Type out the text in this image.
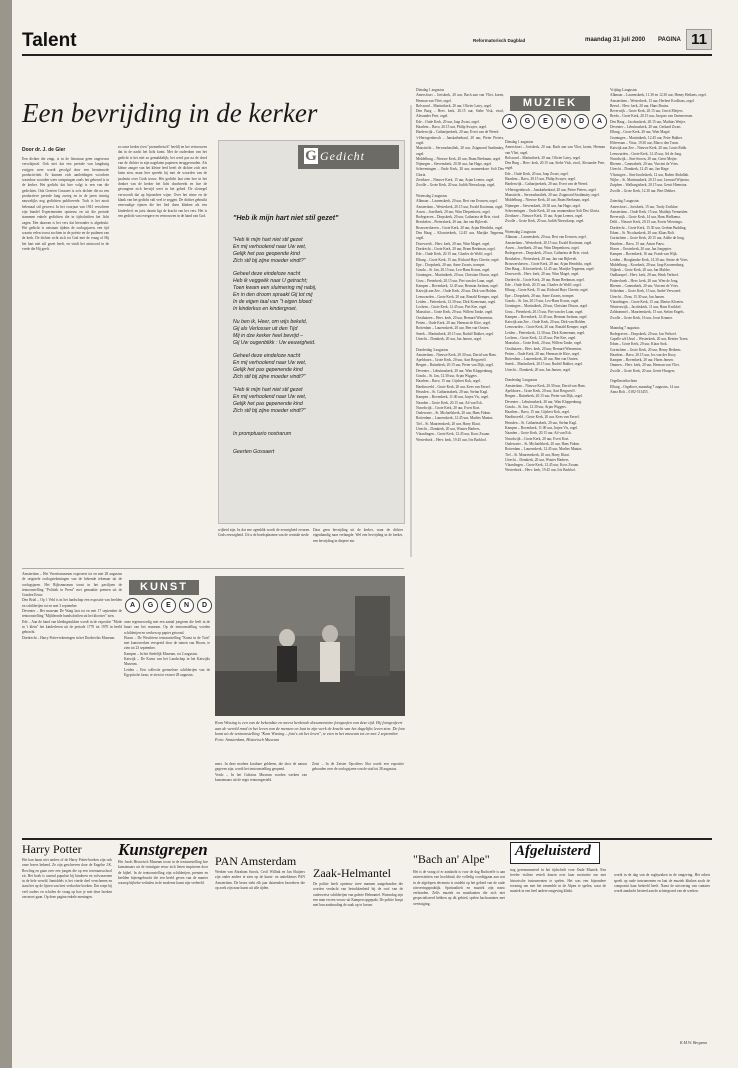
Talent	Reformatorisch Dagblad	maandag 31 juli 2000 PAGINA 11
Een bevrijding in de kerker
Door dr. J. de Gier
Een dichter die zingt, is in de literatuur geen ongewoon verschijnsel. Ook niet dat een periode van langdurig zwijgen weer wordt gevolgd door een hernieuwde productiviteit. Er kunnen zich aanleidingen voordoen waardoor woorden weer ontspringen zoals het gebeurd is in de kerker. Het gedicht dat hier volgt is een van die gedichten. Ook Geerten Gossaert is zo'n dichter die na een productieve periode lang zweeg en in de jaren twintig nauwelijks nog gedichten publiceerde. Toch is het nooit helemaal stil geweest. In het voorjaar van 1941 verscheen zijn bundel Experimenten opnieuw en uit die periode stammen enkele gedichten die in tijdschriften het licht zagen. Eén daarvan is het vers dat hieronder is afgedrukt. Het gedicht is ontstaan tijdens de oorlogsjaren, een tijd waarin velen troost zochten in de poëzie en de psalmen van de kerk. De dichter richt zich tot God met de vraag of Hij het hart niet stil gezet heeft, en vindt het antwoord in de vrede die Hij geeft.
zo onze kerker (een "prometheïsch" beeld) en het vertrouwen dat in de nacht het licht komt. Met de ouderdom van het gedicht is het niet zo gemakkelijk; het werd pas na de dood van de dichter in zijn nagelaten papieren teruggevonden. Als kleine zanger van het kleine leed heeft de dichter zich niet laten zien, maar hier spreekt hij met de woorden van de psalmist over Gods trouw. Het gedicht laat zien hoe in het donker van de kerker het licht doorbreekt en hoe de gevangene zich bevrijd weet in het gebed. De slotregel verwoordt dat op bijzondere wijze. Over het ritme en de klank van het gedicht valt veel te zeggen. De dichter gebruikt eenvoudige rijmen die het lied doen klinken als een kinderlied, en juist daarin ligt de kracht van het vers. Het is een gedicht van overgave en vertrouwen in de hand van God.
G Gedicht
"Heb ik mijn hart niet stil gezet"
"Heb ik mijn hart niet stil gezet
En mij verhoolend naar Uw wet,
Gelijk het pas geopende kind
Zich stil bij zijne moeder vindt?"
Geheel deze eindeloze nacht
Heb ik veggeëk naar U getracht;
Toen kwam een sluimering mij nabij,
En in den droom spraakt Gij tot mij
In de eigen taal van "t eigen bloed:
In kinderkus en kindergroet.
Nu ben ik, Heer, om wijs bekeld,
Gij als Verlosser uit den Tijd
Mij in dze kerker heel bevrijd –
Gij Uw ougenblikk : Uw eeuwigheid.
Geheel deze eindeloze nacht
En mij verhoolend naar Uw wet,
Gelijk het pas gepenende kind
Zich stil bij zijne moeder vindt?"
"Heb ik mijn hart niet stil gezet
En mij verhoolend naar Uw wet,
Gelijk het pas gepenende kind
Zich stil bij zijne moeder vindt?"
In promptuario nostrarum
Geerten Gossaert
wijheid zijn. In dat ene ogenblik wordt de eeuwigheid ervaren. Gods eeuwigheid. Uit u de hoedsplaatsen van de centrale stede.
Daar geen bevrijding uit de kerker, waar de dichter eigenhandig naar verlangde. Wel een bevrijding in de kerker, een bevrijding in diepere zin.
MUZIEK
A	G	E	N	D	A
Dinsdag 1 augustus
Amersfoort – Joriskerk, 20 uur, Bach aan van Vliet, koren, Herman van Vliet, orgel.
Bolsward – Martinikerk, 20 uur, Olivier Latry, orgel.
Den Burg – Herv. kerk, 20.15 uur, Siebe Visk, viool, Alexander Pree, orgel.
Ede – Oude Kerk, 20 uur, Jaap Zwart, orgel.
Haarlem – Bavo, 20.15 uur, Philip Swayer, orgel.
Harderwijk – Catharijnekerk, 20 uur, Evert van de Weerd.
's-Hertogenbosch – Janskathedraal, 20 uur, Pieter Pieters, orgel.
Maastricht – Servaasbasiliek, 20 uur, Zsigmond Szathmáry, orgel.
Middelburg – Nieuwe Kerk, 20 uur, Bram Beekman, orgel.
Nijmegen – Stevenskerk, 20.30 uur, Jan Hage, orgel.
Scheveningen – Oude Kerk, 20 uur, mannenkoor Soli Deo Gloria.
Zierikzee – Nieuwe Kerk, 15 uur, Arjan Leenes, orgel.
Zwolle – Grote Kerk, 20 uur, Judith Nieuwkoop, orgel.

Woensdag 2 augustus
Alkmaar – Laurenskerk, 20 uur, Bert van Eeuwen, orgel.
Amsterdam – Westerkerk, 20.15 uur, Ewald Kooiman, orgel.
Assen – Jozefkerk, 20 uur, Wim Diepenhorst, orgel.
Bodegraven – Dorpskerk, 20 uur, Catharina de Brie, viool.
Breukelen – Pieterskerk, 20 uur, Jan van Bijlevelt.
Brouwershaven – Grote Kerk, 20 uur, Arjan Hendriks, orgel.
Den Haag – Kloosterkerk, 12.45 uur, Marijke Teppema, orgel.
Doorwerth – Herv. kerk, 20 uur, Wim Magré, orgel.
Dordrecht – Grote Kerk, 20 uur, Bram Beekman, orgel.
Ede – Oude Kerk, 20.15 uur, Charles de Wolff, orgel.
Elburg – Grote Kerk, 15 uur, Richard Hays Chertie, orgel.
Epe – Dorpskerk, 20 uur, Anne Zwarts, trompet.
Gouda – St. Jan, 20.15 uur, Leo-Hans Kroon, orgel.
Groningen – Martinikerk, 20 uur, Christian Olsson, orgel.
Grou – Pieterkerk, 20.15 uur, Piet van der Laan, orgel.
Kampen – Bovenkerk, 12.45 uur, Herman Jordaan, orgel.
Katwijk aan Zee – Oude Kerk, 20 uur, Dirk van Holden.
Leeuwarden – Grote Kerk, 20 uur, Ronald Kemper, orgel.
Leiden – Pieterskerk, 12.30 uur, Dirk Koeneman, orgel.
Lochem – Grote Kerk, 12.45 uur, Piet Kee, orgel.
Maassluis – Grote Kerk, 20 uur, Willem Tanke, orgel.
Oosthuizen – Herv. kerk, 20 uur, Bernard Winsemius.
Petten – Oude Kerk, 20 uur, Herman de Kloe, orgel.
Rotterdam – Laurenskerk, 20 uur, Ben van Oosten.
Sneek – Martinikerk, 20.15 uur, Rudolf Bakker, orgel.
Utrecht – Domkerk, 20 uur, Jan Jansen, orgel.

Donderdag 3 augustus
Amsterdam – Nieuwe Kerk, 20.30 uur, David van Ham.
Apeldoorn – Grote Kerk, 20 uur, Aart Bergwerff.
Bergen – Ruïnekerk, 20.15 uur, Pieter van Dijk, orgel.
Deventer – Lebuïnuskerk, 20 uur, Wim Kloppenburg.
Gouda – St. Jan, 12.30 uur, Arjan Wiggers.
Haarlem – Bavo, 15 uur, Gijsbert Kok, orgel.
Hardinxveld – Grote Kerk, 20 uur, Kees van Eersel.
Heusden – St. Catharinakerk, 20 uur, Stefan Kagl.
Kampen – Bovenkerk, 11.00 uur, Jurjen Vis, orgel.
Naarden – Grote Kerk, 20.15 uur, Ad van Eck.
Noordwijk – Grote Kerk, 20 uur, Evert Kort.
Oudewater – St. Michaëlskerk, 20 uur, Hans Fidom.
Rotterdam – Laurenskerk, 12.45 uur, Marlies Mantas.
Tiel – St. Maartenskerk, 20 uur, Harry Klaui.
Utrecht – Domkerk, 20 uur, Wouter Harbers.
Vlaardingen – Grote Kerk, 12.45 uur, Koos Zwaan.
Westerbork – Herv. kerk, 19.45 uur, Iris Barkhof.
Vrijdag 4 augustus
Alkmaar – Laurenskerk, 11.30 en 12.30 uur, Henny Heikens, orgel.
Amsterdam – Westerkerk, 13 uur, Herbert Koolhaas, orgel.
Beesd – Herv. kerk, 20 uur, Hans Bruins.
Beverwijk – Grote Kerk, 20.15 uur, Gerrit Meijers.
Breda – Grote Kerk, 20.15 uur, Jacques van Oortmerssen.
Den Haag – Jacobuskerk, 20.15 uur, Mathias Weijer.
Deventer – Lebuïnuskerk, 20 uur, Gerhard Zwart.
Elburg – Grote Kerk, 20 uur, Wim Magré.
Groningen – Martinikerk, 12.45 uur, Peter Bakker.
Hilversum – Vitus, 19.30 uur, Marco den Toom.
Katwijk aan Zee – Nieuwe Kerk, 20 uur, Louis Robb.
Leeuwarden – Grote Kerk, 12.45 uur, Ad de Jong.
Noordwijk – Sint-Jeroen, 20 uur, Geert Meijer.
Rhenen – Cunerakerk, 20 uur, Vincent de Vries.
Utrecht – Domkerk, 12.45 uur, Jan Hage.
Vlissingen – Sint-Jacobskerk, 12 uur, Ruben Abdullah.
Wijhe – St. Martinuskerk, 20.15 uur, Leonard Wijnstra.
Zutphen – Walburgiskerk, 20.15 uur, Gerrit Hiemstra.
Zwolle – Grote Kerk, 12.30 uur, Bert Dekker.

Zaterdag 5 augustus
Amersfoort – Joriskerk, 15 uur, Trudy Zwikker.
Amsterdam – Oude Kerk, 15 uur, Matthijs Vermeulen.
Beverwijk – Grote Kerk, 14 uur, Hans Hielkema.
Delft – Nieuwe Kerk, 20.15 uur, Erwin Wiersinga.
Dordrecht – Grote Kerk, 15.30 uur, Gerben Budding.
Edam – St. Nicolaaskerk, 20 uur, Klaas Bolt.
Gorinchem – Grote Kerk, 20.15 uur, Addie de Jong.
Haarlem – Bavo, 15 uur, Anton Pauw.
Hoorn – Oosterkerk, 20 uur, Jan Jongepier.
Kampen – Bovenkerk, 16 uur, Frank van Wijk.
Leiden – Hooglandse Kerk, 14.30 uur, Sietze de Vries.
Middelburg – Koorkerk, 20 uur, Jaap Kroonenburg.
Nijkerk – Grote Kerk, 20 uur, Jan Mulder.
Oudkarspel – Herv. kerk, 20 uur, Henk Verhoef.
Puttershoek – Herv. kerk, 20 uur, Wim de Jong.
Rhenen – Cunerakerk, 20 uur, Vincent de Vries.
Schiedam – Grote Kerk, 15 uur, André Verwoerd.
Utrecht – Dom, 15.30 uur, Jan Jansen.
Vlaardingen – Grote Kerk, 15 uur, Marius Kloeten.
Winterswijk – Jacobskerk, 11 uur, Hans Kwikkel.
Zaltbommel – Maartenskerk, 15 uur, Stefan Engels.
Zwolle – Grote Kerk, 16 uur, Joost Kramer.

Maandag 7 augustus
Bodegraven – Dorpskerk, 20 uur, Jan Verhoef.
Capelle a/d IJssel – Westerkerk, 20 uur, Reinier Toren.
Edam – Grote Kerk, 20 uur, Klaas Stok.
Gorinchem – Grote Kerk, 20 uur, Henry Heikens.
Haarlem – Bavo, 20.15 uur, Jos van der Kooy.
Kampen – Bovenkerk, 20 uur, Harm Jansen.
Ommen – Herv. kerk, 20 uur, Herman van Vliet.
Zwolle – Grote Kerk, 20 uur, Gerrit Hoogers.

Orgelbesteltochten
Elburg – Orgeltoer, maandag 7 augustus, 14 uur.
Anna Bolt – 0182-513455.
Dinsdag 1 augustus
Amersfoort – Joriskerk, 20 uur, Bach aan van Vliet, koren, Herman van Vliet, orgel.
Bolsward – Martinikerk, 20 uur, Olivier Latry, orgel.
Den Burg – Herv. kerk, 20.15 uur, Siebe Visk, viool, Alexander Pree, orgel.
Ede – Oude Kerk, 20 uur, Jaap Zwart, orgel.
Haarlem – Bavo, 20.15 uur, Philip Swayer, orgel.
Harderwijk – Catharijnekerk, 20 uur, Evert van de Weerd.
's-Hertogenbosch – Janskathedraal, 20 uur, Pieter Pieters, orgel.
Maastricht – Servaasbasiliek, 20 uur, Zsigmond Szathmáry, orgel.
Middelburg – Nieuwe Kerk, 20 uur, Bram Beekman, orgel.
Nijmegen – Stevenskerk, 20.30 uur, Jan Hage, orgel.
Scheveningen – Oude Kerk, 20 uur, mannenkoor Soli Deo Gloria.
Zierikzee – Nieuwe Kerk, 15 uur, Arjan Leenes, orgel.
Zwolle – Grote Kerk, 20 uur, Judith Nieuwkoop, orgel.

Woensdag 2 augustus
Alkmaar – Laurenskerk, 20 uur, Bert van Eeuwen, orgel.
Amsterdam – Westerkerk, 20.15 uur, Ewald Kooiman, orgel.
Assen – Jozefkerk, 20 uur, Wim Diepenhorst, orgel.
Bodegraven – Dorpskerk, 20 uur, Catharina de Brie, viool.
Breukelen – Pieterskerk, 20 uur, Jan van Bijlevelt.
Brouwershaven – Grote Kerk, 20 uur, Arjan Hendriks, orgel.
Den Haag – Kloosterkerk, 12.45 uur, Marijke Teppema, orgel.
Doorwerth – Herv. kerk, 20 uur, Wim Magré, orgel.
Dordrecht – Grote Kerk, 20 uur, Bram Beekman, orgel.
Ede – Oude Kerk, 20.15 uur, Charles de Wolff, orgel.
Elburg – Grote Kerk, 15 uur, Richard Hays Chertie, orgel.
Epe – Dorpskerk, 20 uur, Anne Zwarts, trompet.
Gouda – St. Jan, 20.15 uur, Leo-Hans Kroon, orgel.
Groningen – Martinikerk, 20 uur, Christian Olsson, orgel.
Grou – Pieterkerk, 20.15 uur, Piet van der Laan, orgel.
Kampen – Bovenkerk, 12.45 uur, Herman Jordaan, orgel.
Katwijk aan Zee – Oude Kerk, 20 uur, Dirk van Holden.
Leeuwarden – Grote Kerk, 20 uur, Ronald Kemper, orgel.
Leiden – Pieterskerk, 12.30 uur, Dirk Koeneman, orgel.
Lochem – Grote Kerk, 12.45 uur, Piet Kee, orgel.
Maassluis – Grote Kerk, 20 uur, Willem Tanke, orgel.
Oosthuizen – Herv. kerk, 20 uur, Bernard Winsemius.
Petten – Oude Kerk, 20 uur, Herman de Kloe, orgel.
Rotterdam – Laurenskerk, 20 uur, Ben van Oosten.
Sneek – Martinikerk, 20.15 uur, Rudolf Bakker, orgel.
Utrecht – Domkerk, 20 uur, Jan Jansen, orgel.

Donderdag 3 augustus
Amsterdam – Nieuwe Kerk, 20.30 uur, David van Ham.
Apeldoorn – Grote Kerk, 20 uur, Aart Bergwerff.
Bergen – Ruïnekerk, 20.15 uur, Pieter van Dijk, orgel.
Deventer – Lebuïnuskerk, 20 uur, Wim Kloppenburg.
Gouda – St. Jan, 12.30 uur, Arjan Wiggers.
Haarlem – Bavo, 15 uur, Gijsbert Kok, orgel.
Hardinxveld – Grote Kerk, 20 uur, Kees van Eersel.
Heusden – St. Catharinakerk, 20 uur, Stefan Kagl.
Kampen – Bovenkerk, 11.00 uur, Jurjen Vis, orgel.
Naarden – Grote Kerk, 20.15 uur, Ad van Eck.
Noordwijk – Grote Kerk, 20 uur, Evert Kort.
Oudewater – St. Michaëlskerk, 20 uur, Hans Fidom.
Rotterdam – Laurenskerk, 12.45 uur, Marlies Mantas.
Tiel – St. Maartenskerk, 20 uur, Harry Klaui.
Utrecht – Domkerk, 20 uur, Wouter Harbers.
Vlaardingen – Grote Kerk, 12.45 uur, Koos Zwaan.
Westerbork – Herv. kerk, 19.45 uur, Iris Barkhof.
KUNST
A	G	E	N	D
Amsterdam – Het Verzetsmuseum exposeert tot en met 28 augustus de originele oorlogstekeningen van de bekende tekenaar uit de oorlogsjaren. Het Rijksmuseum toont in het paviljoen de tentoonstelling "Politiek in Prent" met gemaakte prenten uit de Gouden Eeuw.
Den Brial – Op 't Veld is in het landschap een expositie van beelden en schilderijen tot en met 3 september.
Deventer – Het museum De Waag laat tot en met 17 september de tentoonstelling "Mijldeonde handschriften uit het klooster" zien.
Ede – Aan de hand van kledingstukken wordt in de expositie "Mode in 't klein" het kinderleven uit de periode 1770 tot 1970 in beeld gebracht.
Dordrecht – Harry Potter-tekeningen in het Dordrechts Museum.
onze tegenwoordig met een aantal jongeren die leeft in de buurt van het museum. Op de tentoonstelling worden schilderijen en werken op papier getoond.
Hoorn – De Westfriese tentoonstelling "Kunst in de Tuin" met kunstwerken verspreid door de tuinen van Hoorn, te zien tot 23 september.
Kampen – In het Stedelijk Museum, tot 2 augustus.
Katwijk – De Kunst van het Landschap in het Katwijks Museum.
Leiden – Een collectie grenzeloze schilderijen van de Egyptische farao, te zien tot en met 28 augustus.
Kom Wissing is een van de bekendste en meest herkende documentaire fotografen van deze tijd. Hij fotografeert aan de wereld rond in het leven van de mensen en laat in zijn werk de kracht van het dagelijks leven zien. De foto komt uit de tentoonstelling "Kom Wissing – foto's uit het leven", te zien in het museum tot en met 2 september. Foto: Amsterdam, Historisch Museum
mers. In deze modern kostbare gelderen, die door de natuur gegeven zijn, wordt het tentoonstelling geopend.
Venlo – In het Goltzius Museum worden werken van kunstenaars uit de regio tentoongesteld.
Zeist – In de Zeister Opcoliers Slot wordt een expositie gehouden over de oorlogsjaren van de stad tot 28 augustus.
Harry Potter
Het kan haast niet anders of de Harry Potter-boeken zijn ook onze lezers bekend. Ze zijn geschreven door de Engelse J.K. Rowling en gaan over een jongen die op een tovenaarsschool zit. Het boek is razend populair bij kinderen en volwassenen in de hele wereld. Inmiddels is het vierde deel verschenen en staat het op de lijsten van best verkochte boeken. Dat roept bij veel ouders en scholen de vraag op hoe je met deze boeken om moet gaan. Op deze pagina enkele meningen.
Kunstgrepen
Het Joods Historisch Museum toont in de tentoonstelling hoe kunstenaars uit de twintigste eeuw zich lieten inspireren door de bijbel. In de tentoonstelling zijn schilderijen, prenten en beelden bijeengebracht die een beeld geven van de manier waarop bijbelse verhalen in de moderne kunst zijn verbeeld.
PAN Amsterdam
Werken van Abraham Storck, Cecil Willink en Jan Sluijters zijn onder andere te zien op de kunst- en antiekbeurs PAN Amsterdam. De beurs trekt elk jaar duizenden bezoekers die op zoek zijn naar kunst uit alle tijden.
Zaak-Helmantel
De politie heeft opnieuw twee mannen aangehouden die worden verdacht van betrokkenheid bij de roof van de ouderwetse schilderijen van galerie Helmantel. Woensdag zijn een man en een vrouw uit Kampen opgepakt. De politie hoopt met hun aanhouding de zaak op te lossen.
"Bach an' Alpe"
Het is de vraag of er aandacht is voor de dag Bachoeffe is aan universiteiten van hoofdstad, die volledig voorbijgaan aan wat in de afgelopen decennia is ontdekt op het gebied van de oude uitvoeringspraktijk. Spiritualiteit en muziek zijn nauw verbonden. Zelfs muziek en muzikanten die zich niet gespecialiseerd hebben op dit gebied, spelen bachcantates met overtuiging.
Afgeluisterd
nog gerenommeerd in het tijdschrift voor Oude Muziek. Een freelee violiste vertelt daarin over haar motivatie om met historische instrumenten te spelen. Het was een bijzondere ervaring om met het ensemble in de Alpen te spelen, waar de muziek in een heel andere omgeving klinkt.

wordt in de dag van de rugbyzaken in de omgeving. Het orkest speelt op oude instrumenten en laat de muziek klinken zoals de componist haar bedoeld heeft. Naast de uitvoering van cantates wordt aandacht besteed aan de achtergrond van de werken.
K.M.W. Bergsma
